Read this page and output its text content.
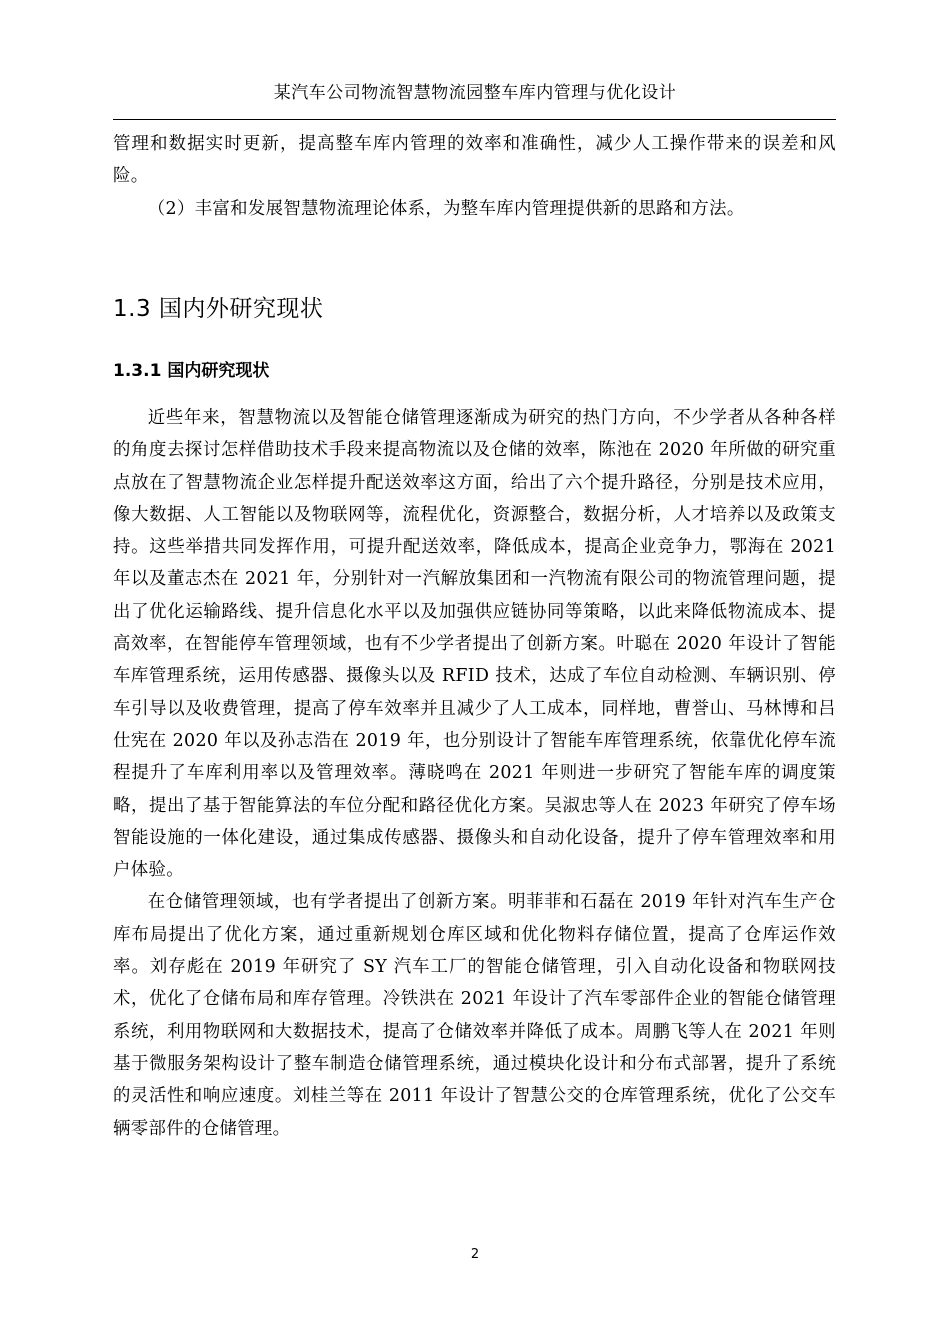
某汽车公司物流智慧物流园整车库内管理与优化设计

管理和数据实时更新，提高整车库内管理的效率和准确性，减少人工操作带来的误差和风险。

（2）丰富和发展智慧物流理论体系，为整车库内管理提供新的思路和方法。

1.3 国内外研究现状
1.3.1 国内研究现状

近些年来，智慧物流以及智能仓储管理逐渐成为研究的热门方向，不少学者从各种各样的角度去探讨怎样借助技术手段来提高物流以及仓储的效率，陈池在 2020 年所做的研究重点放在了智慧物流企业怎样提升配送效率这方面，给出了六个提升路径，分别是技术应用，像大数据、人工智能以及物联网等，流程优化，资源整合，数据分析，人才培养以及政策支持。这些举措共同发挥作用，可提升配送效率，降低成本，提高企业竞争力，鄂海在 2021 年以及董志杰在 2021 年，分别针对一汽解放集团和一汽物流有限公司的物流管理问题，提出了优化运输路线、提升信息化水平以及加强供应链协同等策略，以此来降低物流成本、提高效率，在智能停车管理领域，也有不少学者提出了创新方案。叶聪在 2020 年设计了智能车库管理系统，运用传感器、摄像头以及 RFID 技术，达成了车位自动检测、车辆识别、停车引导以及收费管理，提高了停车效率并且减少了人工成本，同样地，曹誉山、马林博和吕仕宪在 2020 年以及孙志浩在 2019 年，也分别设计了智能车库管理系统，依靠优化停车流程提升了车库利用率以及管理效率。薄晓鸣在 2021 年则进一步研究了智能车库的调度策略，提出了基于智能算法的车位分配和路径优化方案。吴淑忠等人在 2023 年研究了停车场智能设施的一体化建设，通过集成传感器、摄像头和自动化设备，提升了停车管理效率和用户体验。

在仓储管理领域，也有学者提出了创新方案。明菲菲和石磊在 2019 年针对汽车生产仓库布局提出了优化方案，通过重新规划仓库区域和优化物料存储位置，提高了仓库运作效率。刘存彪在 2019 年研究了 SY 汽车工厂的智能仓储管理，引入自动化设备和物联网技术，优化了仓储布局和库存管理。冷铁洪在 2021 年设计了汽车零部件企业的智能仓储管理系统，利用物联网和大数据技术，提高了仓储效率并降低了成本。周鹏飞等人在 2021 年则基于微服务架构设计了整车制造仓储管理系统，通过模块化设计和分布式部署，提升了系统的灵活性和响应速度。刘桂兰等在 2011 年设计了智慧公交的仓库管理系统，优化了公交车辆零部件的仓储管理。

2
